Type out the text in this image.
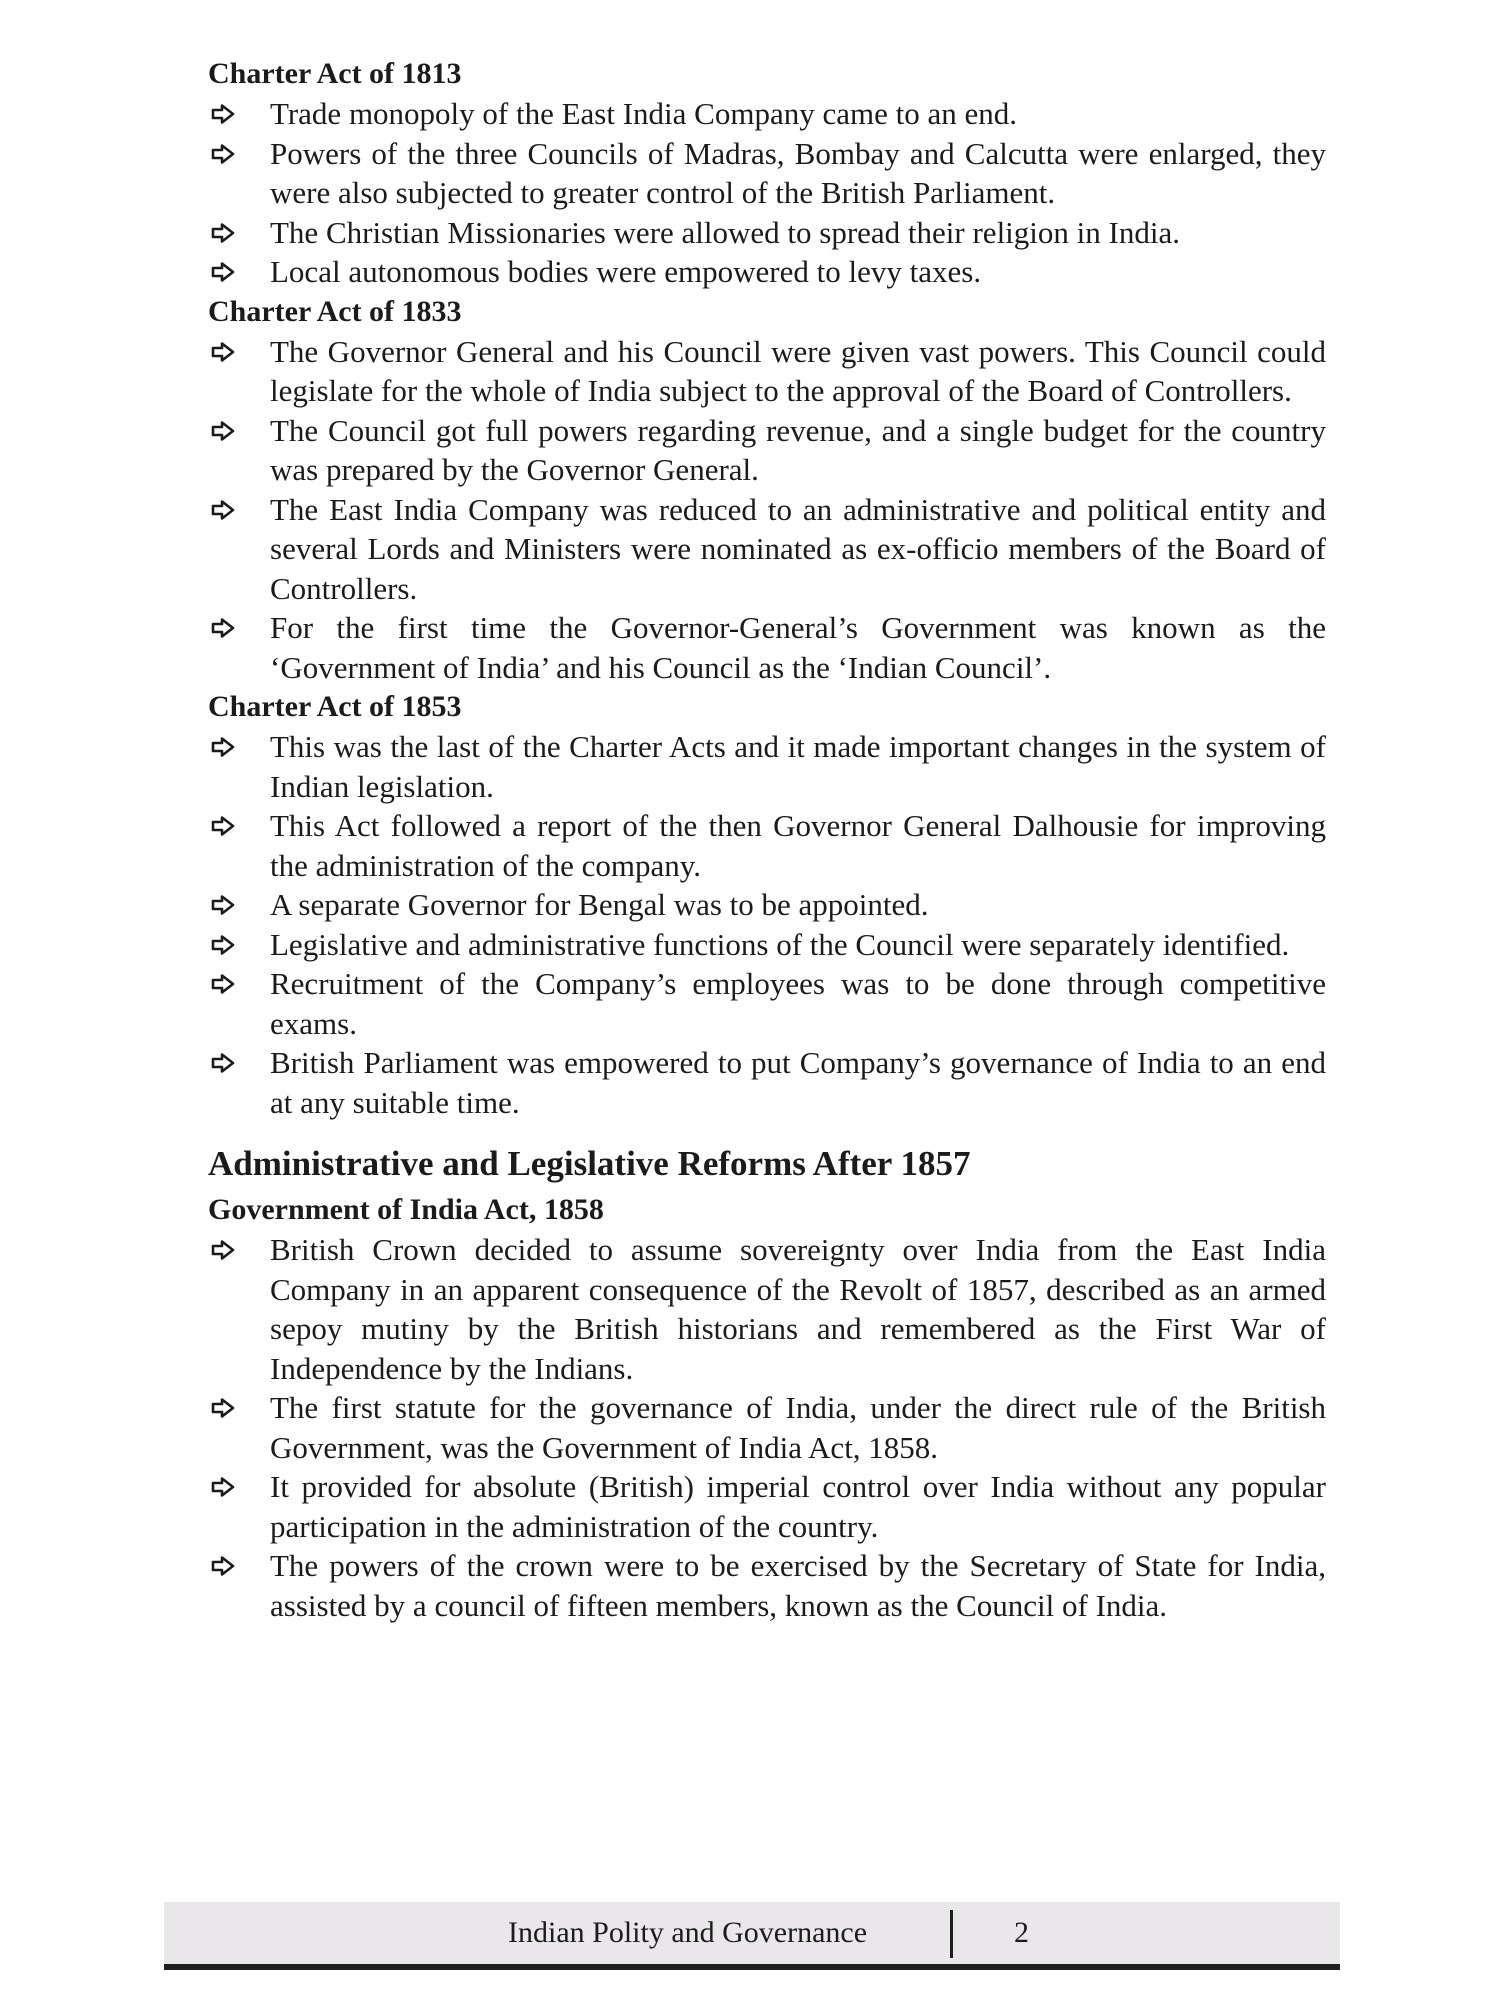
Charter Act of 1813
Trade monopoly of the East India Company came to an end.
Powers of the three Councils of Madras, Bombay and Calcutta were enlarged, they were also subjected to greater control of the British Parliament.
The Christian Missionaries were allowed to spread their religion in India.
Local autonomous bodies were empowered to levy taxes.
Charter Act of 1833
The Governor General and his Council were given vast powers. This Council could legislate for the whole of India subject to the approval of the Board of Controllers.
The Council got full powers regarding revenue, and a single budget for the country was prepared by the Governor General.
The East India Company was reduced to an administrative and political entity and several Lords and Ministers were nominated as ex-officio members of the Board of Controllers.
For the first time the Governor-General’s Government was known as the ‘Government of India’ and his Council as the ‘Indian Council’.
Charter Act of 1853
This was the last of the Charter Acts and it made important changes in the system of Indian legislation.
This Act followed a report of the then Governor General Dalhousie for improving the administration of the company.
A separate Governor for Bengal was to be appointed.
Legislative and administrative functions of the Council were separately identified.
Recruitment of the Company’s employees was to be done through competitive exams.
British Parliament was empowered to put Company’s governance of India to an end at any suitable time.
Administrative and Legislative Reforms After 1857
Government of India Act, 1858
British Crown decided to assume sovereignty over India from the East India Company in an apparent consequence of the Revolt of 1857, described as an armed sepoy mutiny by the British historians and remembered as the First War of Independence by the Indians.
The first statute for the governance of India, under the direct rule of the British Government, was the Government of India Act, 1858.
It provided for absolute (British) imperial control over India without any popular participation in the administration of the country.
The powers of the crown were to be exercised by the Secretary of State for India, assisted by a council of fifteen members, known as the Council of India.
Indian Polity and Governance	2
